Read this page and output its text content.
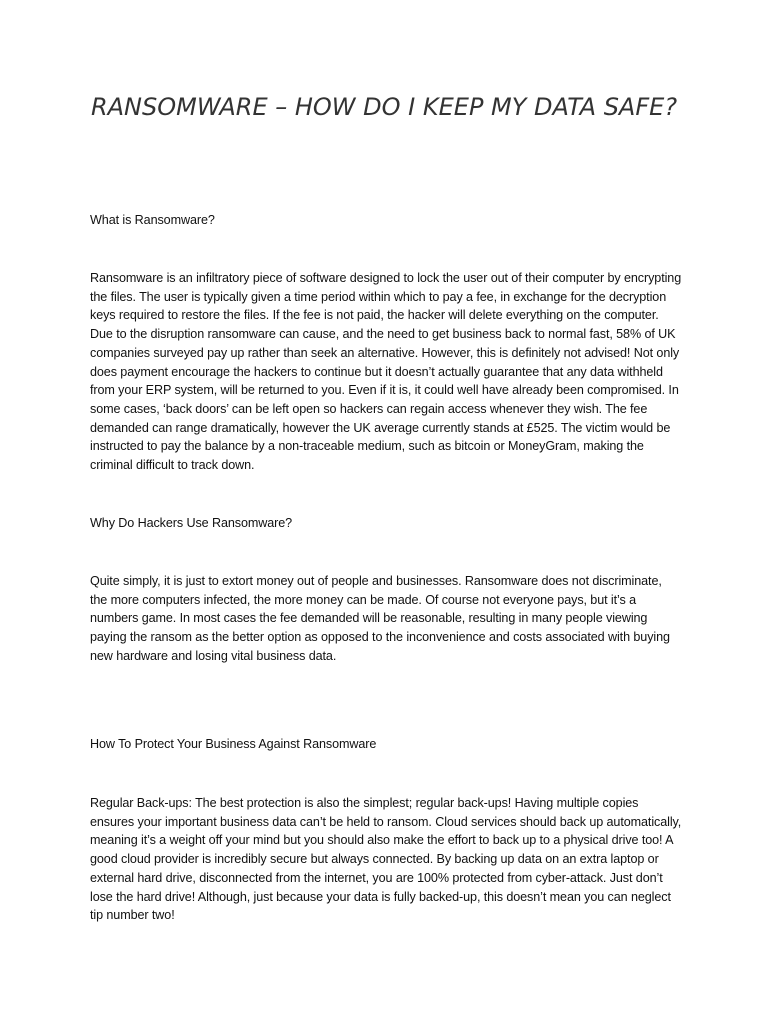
RANSOMWARE – HOW DO I KEEP MY DATA SAFE?
What is Ransomware?

Ransomware is an infiltratory piece of software designed to lock the user out of their computer by encrypting the files. The user is typically given a time period within which to pay a fee, in exchange for the decryption keys required to restore the files. If the fee is not paid, the hacker will delete everything on the computer. Due to the disruption ransomware can cause, and the need to get business back to normal fast, 58% of UK companies surveyed pay up rather than seek an alternative. However, this is definitely not advised! Not only does payment encourage the hackers to continue but it doesn’t actually guarantee that any data withheld from your ERP system, will be returned to you. Even if it is, it could well have already been compromised. In some cases, ‘back doors’ can be left open so hackers can regain access whenever they wish. The fee demanded can range dramatically, however the UK average currently stands at £525. The victim would be instructed to pay the balance by a non-traceable medium, such as bitcoin or MoneyGram, making the criminal difficult to track down.

Why Do Hackers Use Ransomware?

Quite simply, it is just to extort money out of people and businesses. Ransomware does not discriminate, the more computers infected, the more money can be made. Of course not everyone pays, but it’s a numbers game. In most cases the fee demanded will be reasonable, resulting in many people viewing paying the ransom as the better option as opposed to the inconvenience and costs associated with buying new hardware and losing vital business data.

How To Protect Your Business Against Ransomware

Regular Back-ups: The best protection is also the simplest; regular back-ups! Having multiple copies ensures your important business data can’t be held to ransom. Cloud services should back up automatically, meaning it’s a weight off your mind but you should also make the effort to back up to a physical drive too! A good cloud provider is incredibly secure but always connected. By backing up data on an extra laptop or external hard drive, disconnected from the internet, you are 100% protected from cyber-attack. Just don’t lose the hard drive! Although, just because your data is fully backed-up, this doesn’t mean you can neglect tip number two!
